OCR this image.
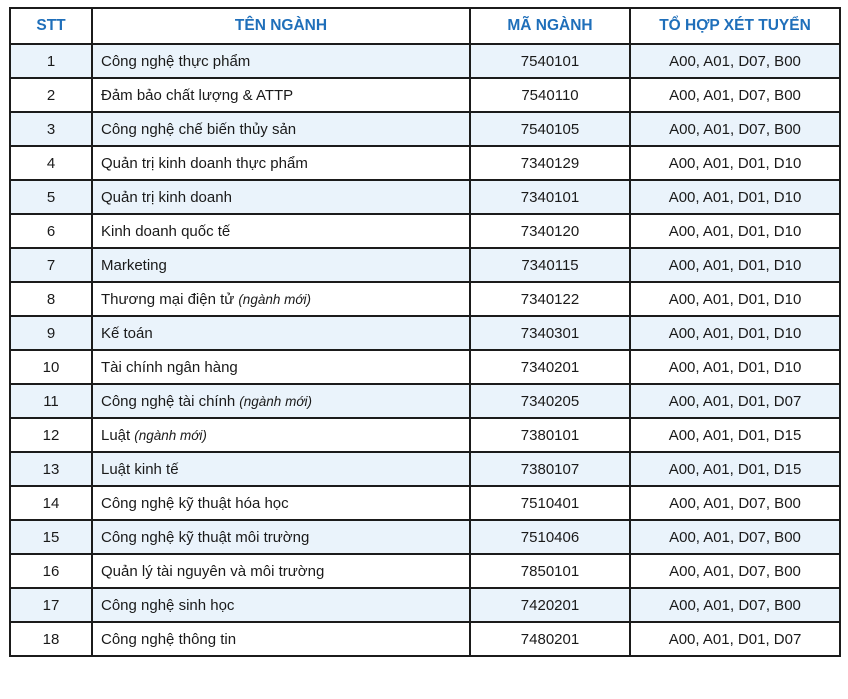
STT	TÊN NGÀNH	MÃ NGÀNH	TỔ HỢP XÉT TUYỂN
1	Công nghệ thực phẩm	7540101	A00, A01, D07, B00
2	Đảm bảo chất lượng & ATTP	7540110	A00, A01, D07, B00
3	Công nghệ chế biến thủy sản	7540105	A00, A01, D07, B00
4	Quản trị kinh doanh thực phẩm	7340129	A00, A01, D01, D10
5	Quản trị kinh doanh	7340101	A00, A01, D01, D10
6	Kinh doanh quốc tế	7340120	A00, A01, D01, D10
7	Marketing	7340115	A00, A01, D01, D10
8	Thương mại điện tử (ngành mới)	7340122	A00, A01, D01, D10
9	Kế toán	7340301	A00, A01, D01, D10
10	Tài chính ngân hàng	7340201	A00, A01, D01, D10
11	Công nghệ tài chính (ngành mới)	7340205	A00, A01, D01, D07
12	Luật (ngành mới)	7380101	A00, A01, D01, D15
13	Luật kinh tế	7380107	A00, A01, D01, D15
14	Công nghệ kỹ thuật hóa học	7510401	A00, A01, D07, B00
15	Công nghệ kỹ thuật môi trường	7510406	A00, A01, D07, B00
16	Quản lý tài nguyên và môi trường	7850101	A00, A01, D07, B00
17	Công nghệ sinh học	7420201	A00, A01, D07, B00
18	Công nghệ thông tin	7480201	A00, A01, D01, D07
